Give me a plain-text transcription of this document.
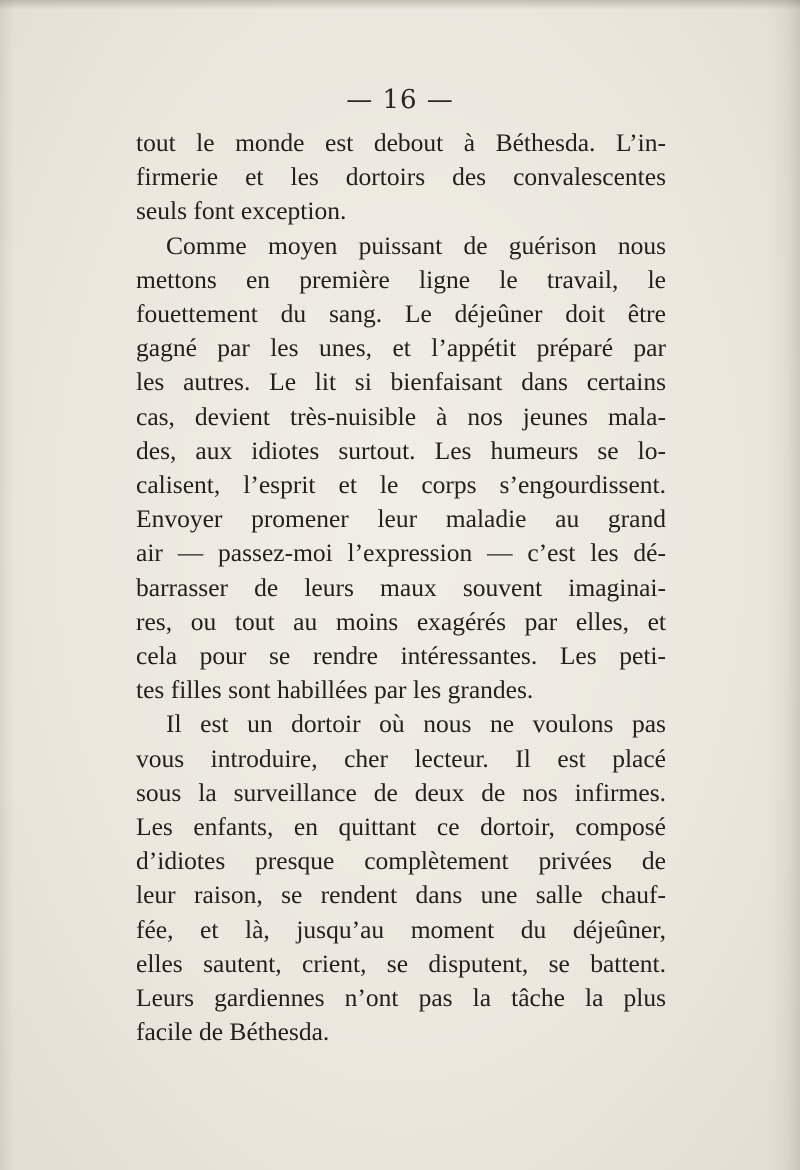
— 16 —
tout le monde est debout à Béthesda. L’in-
firmerie et les dortoirs des convalescentes
seuls font exception.
Comme moyen puissant de guérison nous
mettons en première ligne le travail, le
fouettement du sang. Le déjeûner doit être
gagné par les unes, et l’appétit préparé par
les autres. Le lit si bienfaisant dans certains
cas, devient très-nuisible à nos jeunes mala-
des, aux idiotes surtout. Les humeurs se lo-
calisent, l’esprit et le corps s’engourdissent.
Envoyer promener leur maladie au grand
air — passez-moi l’expression — c’est les dé-
barrasser de leurs maux souvent imaginai-
res, ou tout au moins exagérés par elles, et
cela pour se rendre intéressantes. Les peti-
tes filles sont habillées par les grandes.
Il est un dortoir où nous ne voulons pas
vous introduire, cher lecteur. Il est placé
sous la surveillance de deux de nos infirmes.
Les enfants, en quittant ce dortoir, composé
d’idiotes presque complètement privées de
leur raison, se rendent dans une salle chauf-
fée, et là, jusqu’au moment du déjeûner,
elles sautent, crient, se disputent, se battent.
Leurs gardiennes n’ont pas la tâche la plus
facile de Béthesda.
